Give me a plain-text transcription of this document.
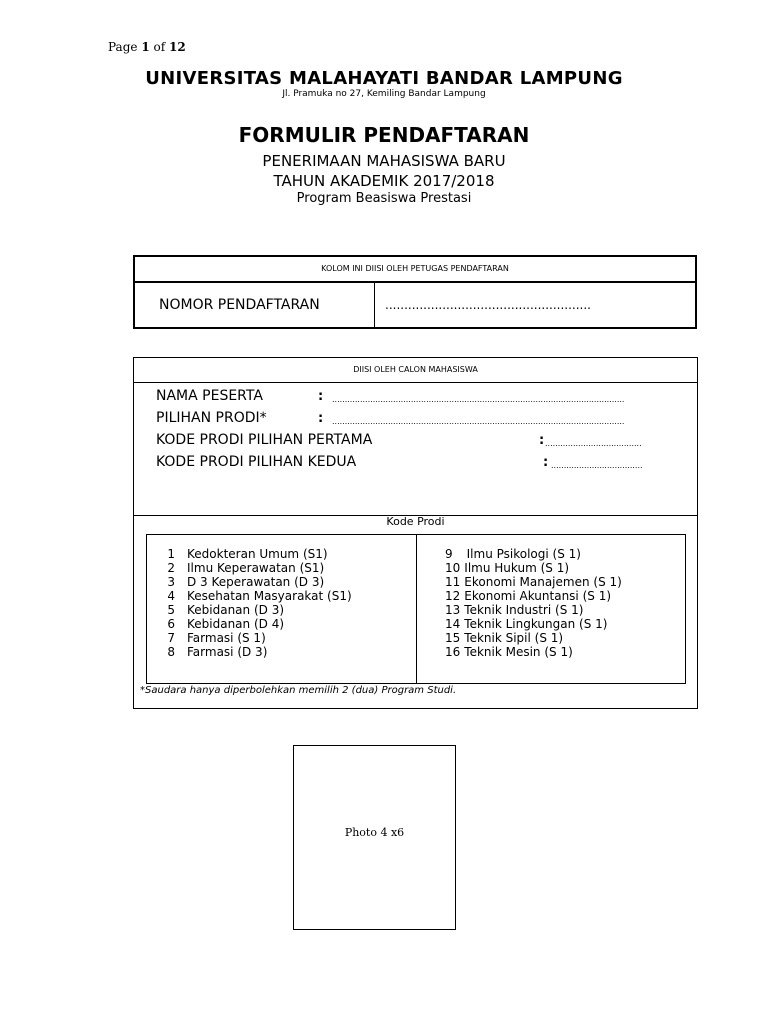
Page 1 of 12
UNIVERSITAS MALAHAYATI BANDAR LAMPUNG
Jl. Pramuka no 27, Kemiling Bandar Lampung
FORMULIR PENDAFTARAN
PENERIMAAN MAHASISWA BARU
TAHUN AKADEMIK 2017/2018
Program Beasiswa Prestasi
KOLOM INI DIISI OLEH PETUGAS PENDAFTARAN
NOMOR PENDAFTARAN	......................................................
DIISI OLEH CALON MAHASISWA
NAMA PESERTA	: ...................................................................................................................
PILIHAN PRODI*	: ...................................................................................................................
KODE PRODI PILIHAN PERTAMA	: ......................................
KODE PRODI PILIHAN KEDUA	: ....................................
Kode Prodi
1 Kedokteran Umum (S1)
2 Ilmu Keperawatan (S1)
3 D 3 Keperawatan (D 3)
4 Kesehatan Masyarakat (S1)
5 Kebidanan (D 3)
6 Kebidanan (D 4)
7 Farmasi (S 1)
8 Farmasi (D 3)
9 Ilmu Psikologi (S 1)
10 Ilmu Hukum (S 1)
11 Ekonomi Manajemen (S 1)
12 Ekonomi Akuntansi (S 1)
13 Teknik Industri (S 1)
14 Teknik Lingkungan (S 1)
15 Teknik Sipil (S 1)
16 Teknik Mesin (S 1)
*Saudara hanya diperbolehkan memilih 2 (dua) Program Studi.
Photo 4 x6
